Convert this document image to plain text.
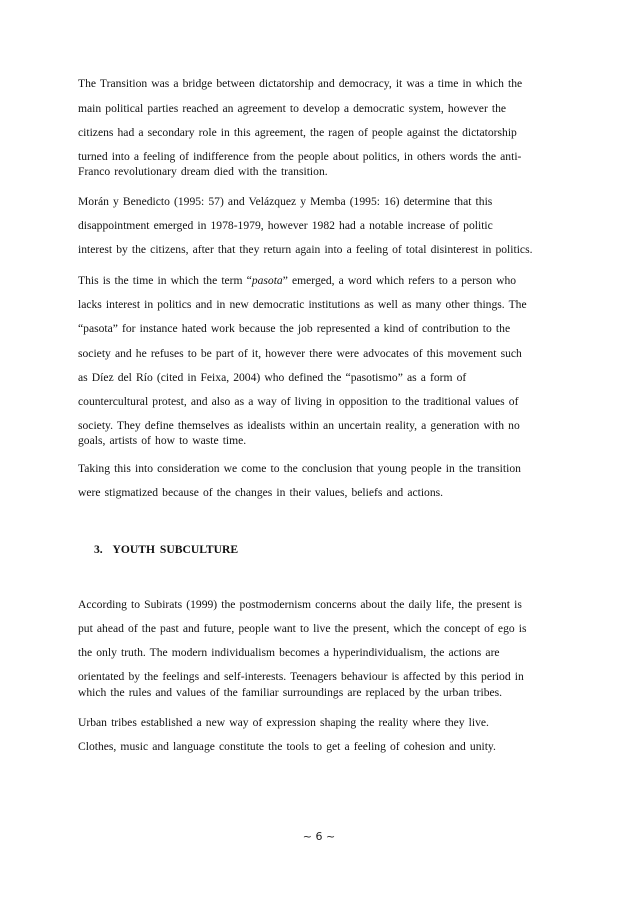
The Transition was a bridge between dictatorship and democracy, it was a time in which the
main political parties reached an agreement to develop a democratic system, however the
citizens had a secondary role in this agreement, the ragen of people against the dictatorship
turned into a feeling of indifference from the people about politics, in others words the anti-
Franco revolutionary dream died with the transition.
Morán y Benedicto (1995: 57) and Velázquez y Memba (1995: 16) determine that this
disappointment emerged in 1978-1979, however 1982 had a notable increase of politic
interest by the citizens, after that they return again into a feeling of total disinterest in politics.
This is the time in which the term “pasota” emerged, a word which refers to a person who
lacks interest in politics and in new democratic institutions as well as many other things. The
“pasota” for instance hated work because the job represented a kind of contribution to the
society and he refuses to be part of it, however there were advocates of this movement such
as Díez del Río (cited in Feixa, 2004) who defined the “pasotismo” as a form of
countercultural protest, and also as a way of living in opposition to the traditional values of
society. They define themselves as idealists within an uncertain reality, a generation with no
goals, artists of how to waste time.
Taking this into consideration we come to the conclusion that young people in the transition
were stigmatized because of the changes in their values, beliefs and actions.
3. YOUTH SUBCULTURE
According to Subirats (1999) the postmodernism concerns about the daily life, the present is
put ahead of the past and future, people want to live the present, which the concept of ego is
the only truth. The modern individualism becomes a hyperindividualism, the actions are
orientated by the feelings and self-interests. Teenagers behaviour is affected by this period in
which the rules and values of the familiar surroundings are replaced by the urban tribes.
Urban tribes established a new way of expression shaping the reality where they live.
Clothes, music and language constitute the tools to get a feeling of cohesion and unity.
~ 6 ~
